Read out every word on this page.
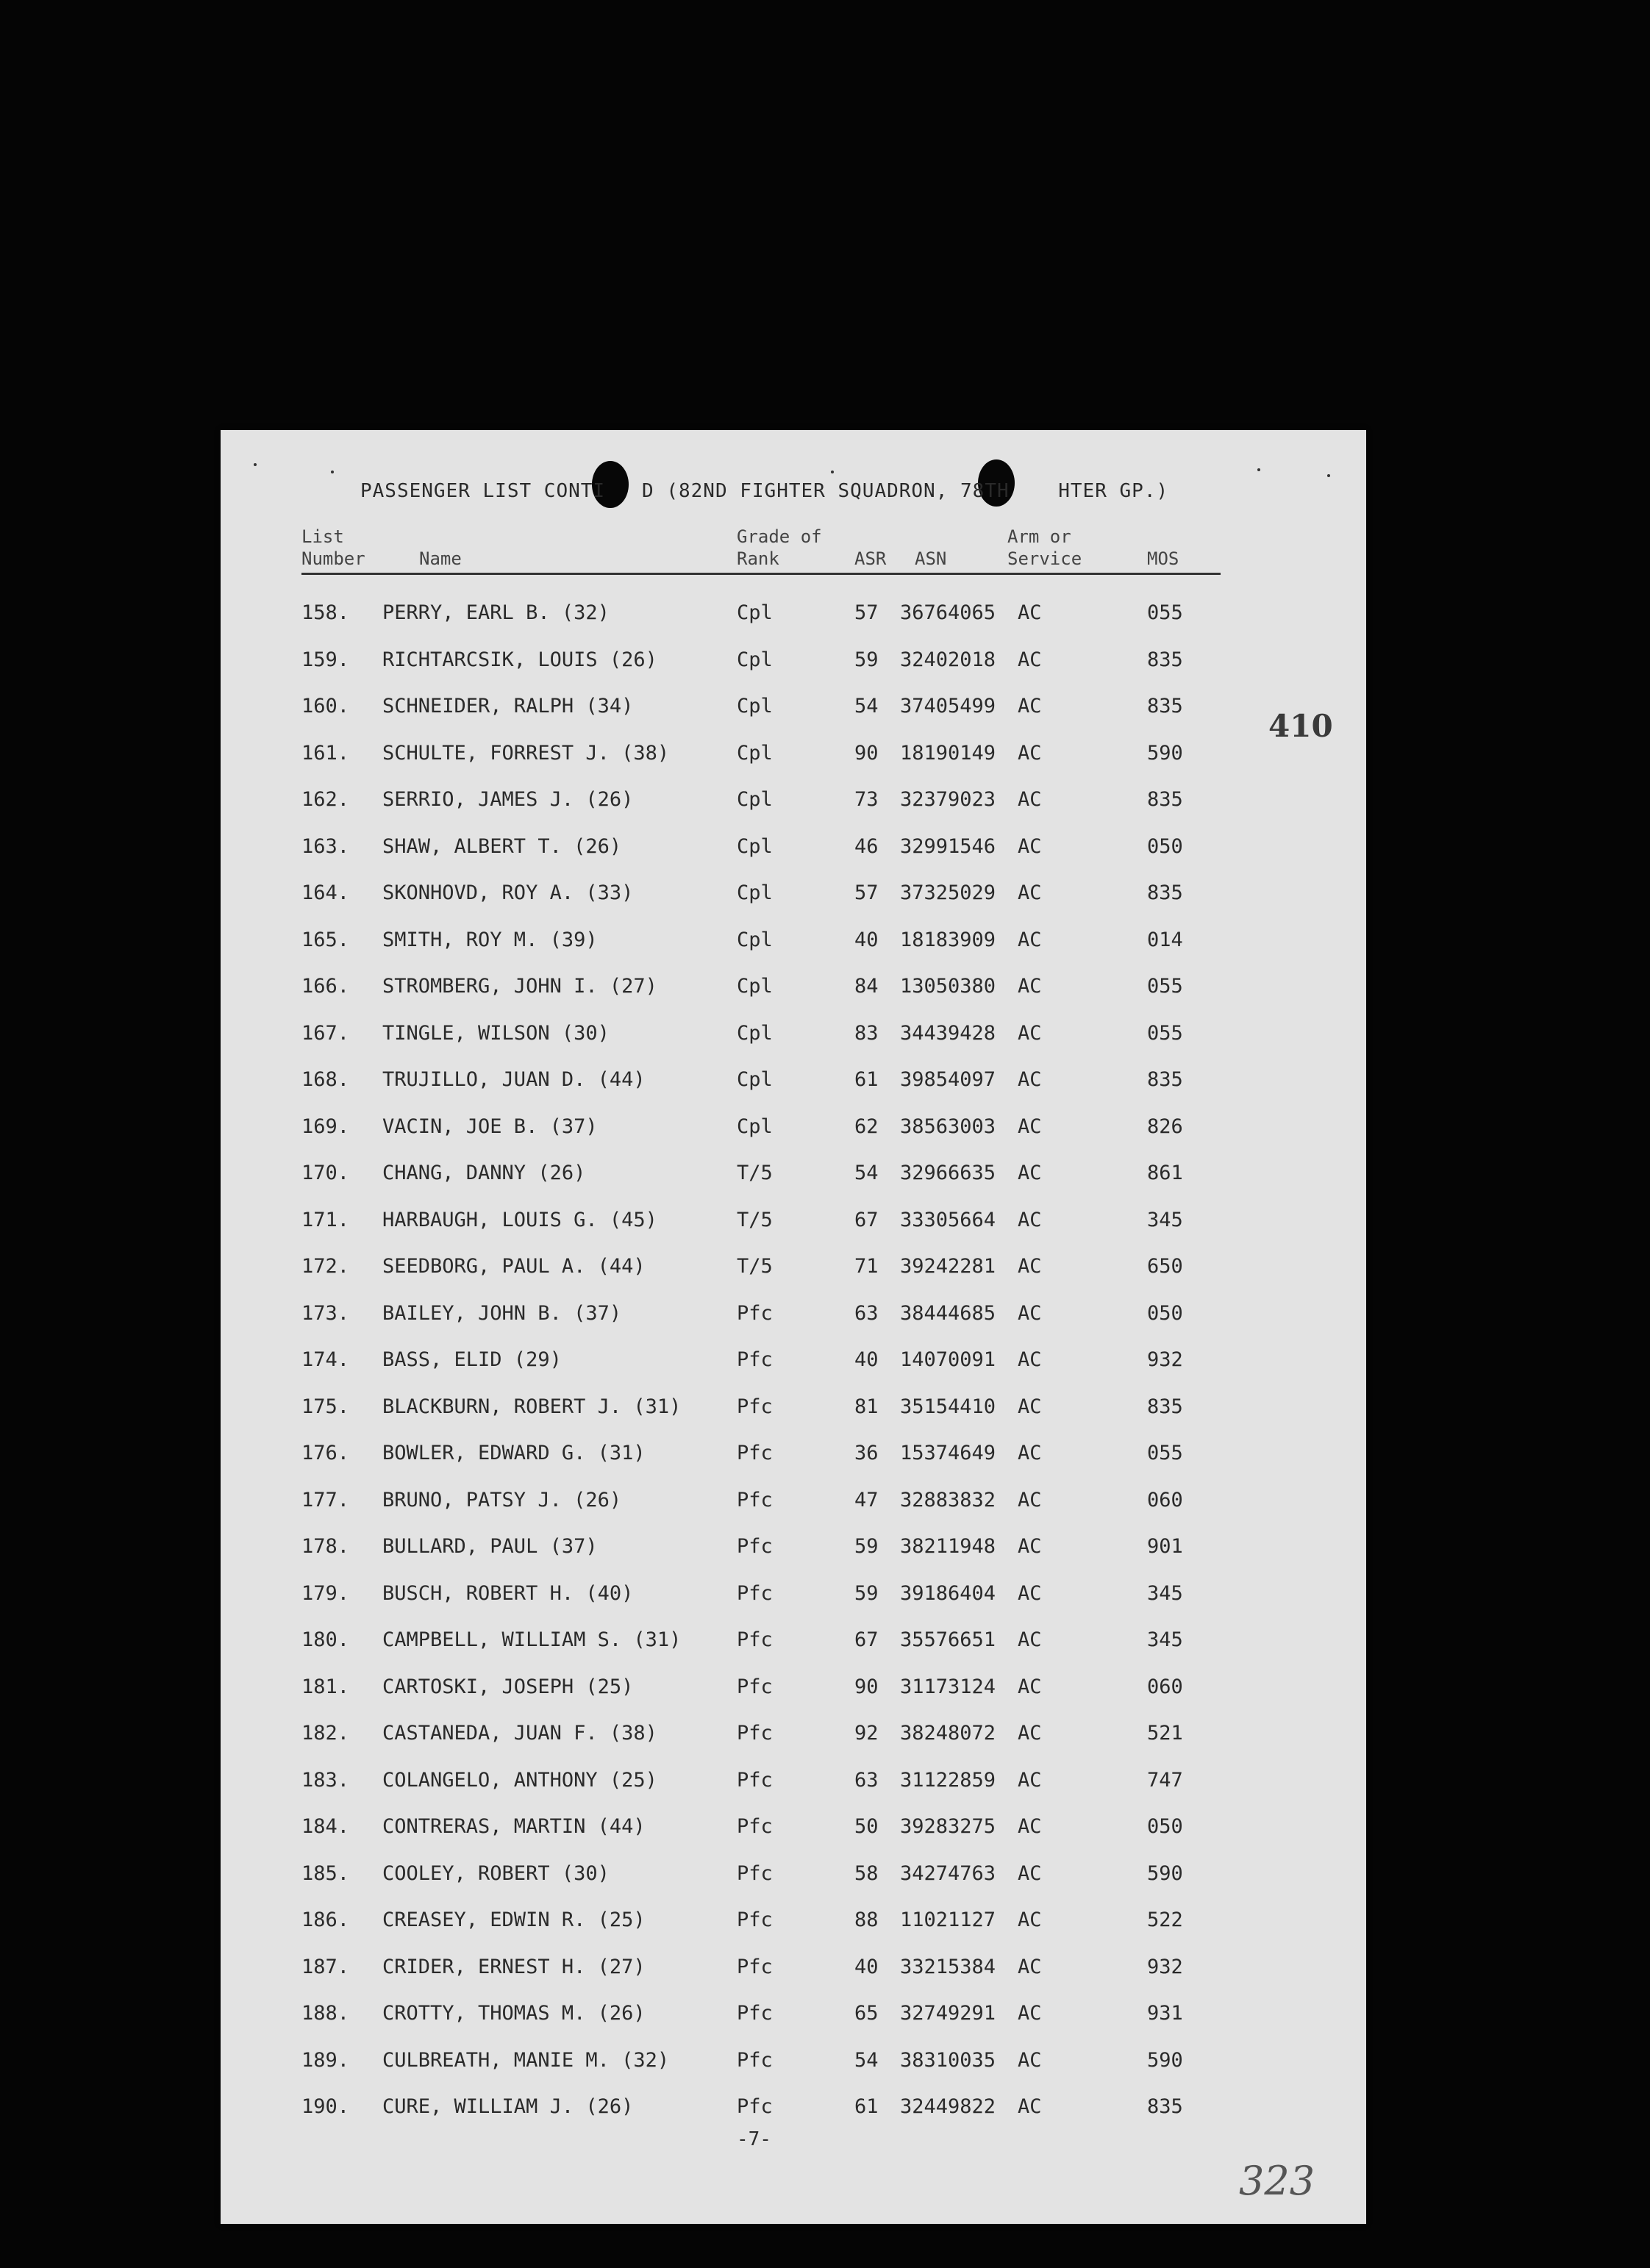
PASSENGER LIST CONTI   D (82ND FIGHTER SQUADRON, 78TH    HTER GP.)
410
List
Number	Name
Grade of
Rank	ASR ASN
Arm or
Service	MOS
158. PERRY, EARL B. (32)	Cpl	57 36764065 AC	055
159. RICHTARCSIK, LOUIS (26)	Cpl	59 32402018 AC	835
160. SCHNEIDER, RALPH (34)	Cpl	54 37405499 AC	835
161. SCHULTE, FORREST J. (38)	Cpl	90 18190149 AC	590
162. SERRIO, JAMES J. (26)	Cpl	73 32379023 AC	835
163. SHAW, ALBERT T. (26)	Cpl	46 32991546 AC	050
164. SKONHOVD, ROY A. (33)	Cpl	57 37325029 AC	835
165. SMITH, ROY M. (39)	Cpl	40 18183909 AC	014
166. STROMBERG, JOHN I. (27)	Cpl	84 13050380 AC	055
167. TINGLE, WILSON (30)	Cpl	83 34439428 AC	055
168. TRUJILLO, JUAN D. (44)	Cpl	61 39854097 AC	835
169. VACIN, JOE B. (37)	Cpl	62 38563003 AC	826
170. CHANG, DANNY (26)	T/5	54 32966635 AC	861
171. HARBAUGH, LOUIS G. (45)	T/5	67 33305664 AC	345
172. SEEDBORG, PAUL A. (44)	T/5	71 39242281 AC	650
173. BAILEY, JOHN B. (37)	Pfc	63 38444685 AC	050
174. BASS, ELID (29)	Pfc	40 14070091 AC	932
175. BLACKBURN, ROBERT J. (31)	Pfc	81 35154410 AC	835
176. BOWLER, EDWARD G. (31)	Pfc	36 15374649 AC	055
177. BRUNO, PATSY J. (26)	Pfc	47 32883832 AC	060
178. BULLARD, PAUL (37)	Pfc	59 38211948 AC	901
179. BUSCH, ROBERT H. (40)	Pfc	59 39186404 AC	345
180. CAMPBELL, WILLIAM S. (31)	Pfc	67 35576651 AC	345
181. CARTOSKI, JOSEPH (25)	Pfc	90 31173124 AC	060
182. CASTANEDA, JUAN F. (38)	Pfc	92 38248072 AC	521
183. COLANGELO, ANTHONY (25)	Pfc	63 31122859 AC	747
184. CONTRERAS, MARTIN (44)	Pfc	50 39283275 AC	050
185. COOLEY, ROBERT (30)	Pfc	58 34274763 AC	590
186. CREASEY, EDWIN R. (25)	Pfc	88 11021127 AC	522
187. CRIDER, ERNEST H. (27)	Pfc	40 33215384 AC	932
188. CROTTY, THOMAS M. (26)	Pfc	65 32749291 AC	931
189. CULBREATH, MANIE M. (32)	Pfc	54 38310035 AC	590
190. CURE, WILLIAM J. (26)	Pfc	61 32449822 AC	835
-7-
323
